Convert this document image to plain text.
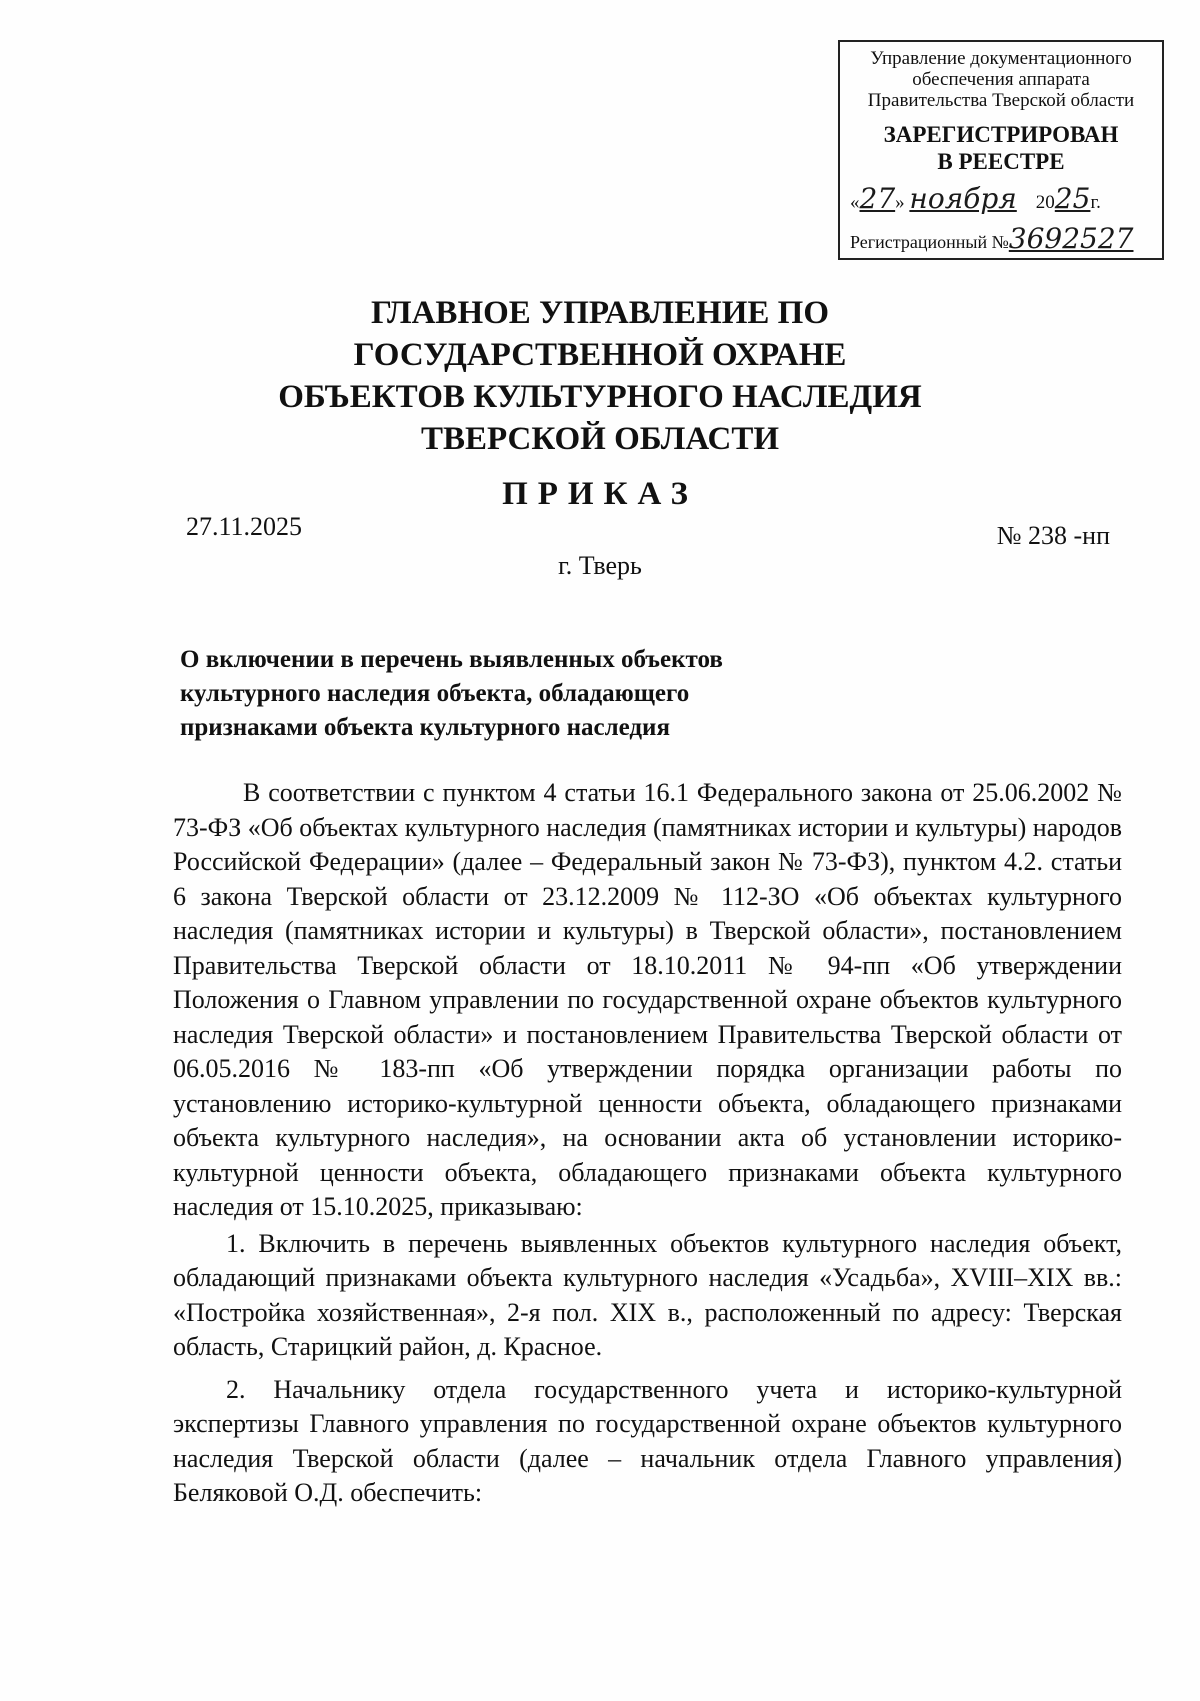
Управление документационного
обеспечения аппарата
Правительства Тверской области
ЗАРЕГИСТРИРОВАН
В РЕЕСТРЕ
«27» ноября 2025г.
Регистрационный №3692527
ГЛАВНОЕ УПРАВЛЕНИЕ ПО
ГОСУДАРСТВЕННОЙ ОХРАНЕ
ОБЪЕКТОВ КУЛЬТУРНОГО НАСЛЕДИЯ
ТВЕРСКОЙ ОБЛАСТИ
ПРИКАЗ
27.11.2025	№ 238 -нп
г. Тверь
О включении в перечень выявленных объектов
культурного наследия объекта, обладающего
признаками объекта культурного наследия

В соответствии с пунктом 4 статьи 16.1 Федерального закона от 25.06.2002 № 73-ФЗ «Об объектах культурного наследия (памятниках истории и культуры) народов Российской Федерации» (далее – Федеральный закон № 73-ФЗ), пунктом 4.2. статьи 6 закона Тверской области от 23.12.2009 № 112-ЗО «Об объектах культурного наследия (памятниках истории и культуры) в Тверской области», постановлением Правительства Тверской области от 18.10.2011 № 94-пп «Об утверждении Положения о Главном управлении по государственной охране объектов культурного наследия Тверской области» и постановлением Правительства Тверской области от 06.05.2016 № 183-пп «Об утверждении порядка организации работы по установлению историко-культурной ценности объекта, обладающего признаками объекта культурного наследия», на основании акта об установлении историко-культурной ценности объекта, обладающего признаками объекта культурного наследия от 15.10.2025, приказываю:

1. Включить в перечень выявленных объектов культурного наследия объект, обладающий признаками объекта культурного наследия «Усадьба», XVIII–XIX вв.: «Постройка хозяйственная», 2-я пол. XIX в., расположенный по адресу: Тверская область, Старицкий район, д. Красное.

2. Начальнику отдела государственного учета и историко-культурной экспертизы Главного управления по государственной охране объектов культурного наследия Тверской области (далее – начальник отдела Главного управления) Беляковой О.Д. обеспечить:
